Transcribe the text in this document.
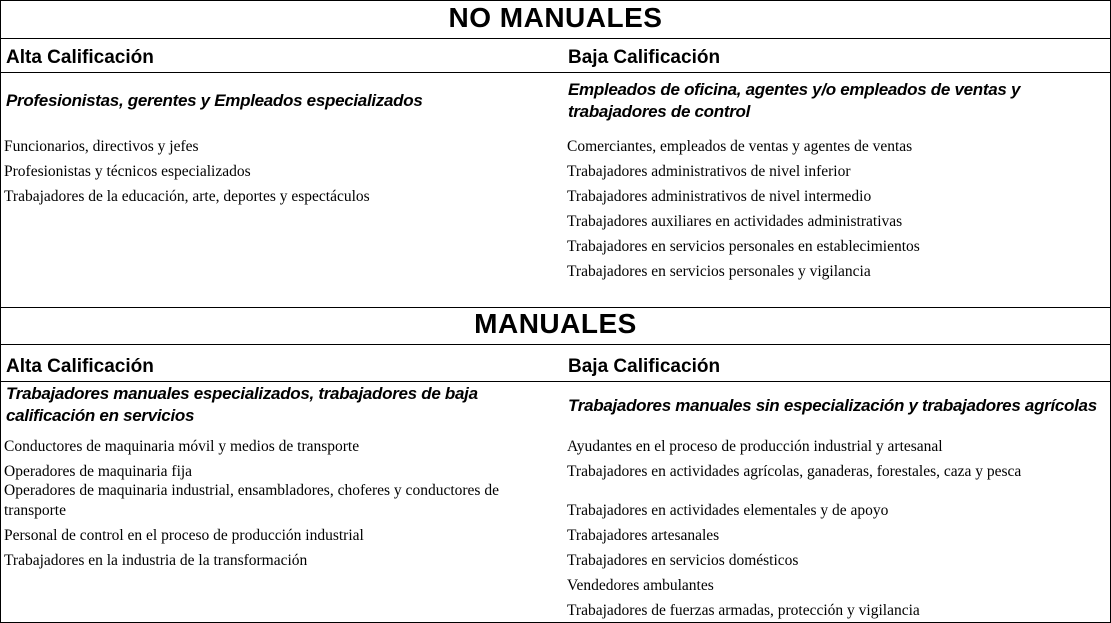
NO MANUALES
Alta Calificación	Baja Calificación
Profesionistas, gerentes y Empleados especializados
Empleados de oficina, agentes y/o empleados de ventas y
trabajadores de control
Funcionarios, directivos y jefes
Profesionistas y técnicos especializados
Trabajadores de la educación, arte, deportes y espectáculos
Comerciantes, empleados de ventas y agentes de ventas
Trabajadores administrativos de nivel inferior
Trabajadores administrativos de nivel intermedio
Trabajadores auxiliares en actividades administrativas
Trabajadores en servicios personales en establecimientos
Trabajadores en servicios personales y vigilancia
MANUALES
Alta Calificación	Baja Calificación
Trabajadores manuales especializados, trabajadores de baja
calificación en servicios
Trabajadores manuales sin especialización y trabajadores agrícolas
Conductores de maquinaria móvil y medios de transporte
Operadores de maquinaria fija
Operadores de maquinaria industrial, ensambladores, choferes y conductores de
transporte
Personal de control en el proceso de producción industrial
Trabajadores en la industria de la transformación
Ayudantes en el proceso de producción industrial y artesanal
Trabajadores en actividades agrícolas, ganaderas, forestales, caza y pesca
Trabajadores en actividades elementales y de apoyo
Trabajadores artesanales
Trabajadores en servicios domésticos
Vendedores ambulantes
Trabajadores de fuerzas armadas, protección y vigilancia
